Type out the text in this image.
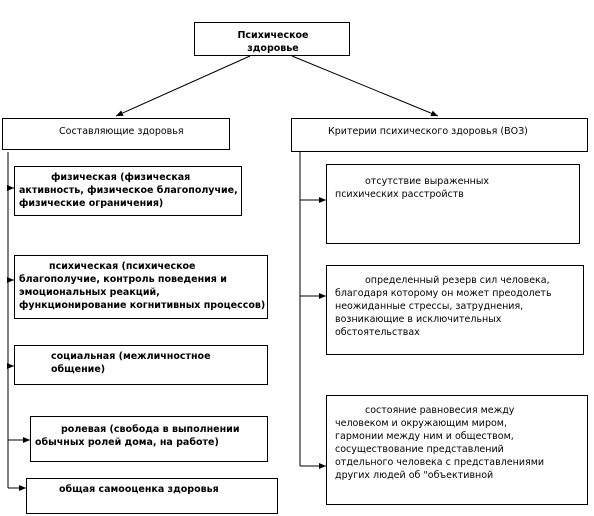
Психическое
здоровье
Составляющие здоровья	Критерии психического здоровья (ВОЗ)
физическая (физическая
активность, физическое благополучие,
физические ограничения)
психическая (психическое
благополучие, контроль поведения и
эмоциональных реакций,
функционирование когнитивных процессов)
социальная (межличностное общение)
ролевая (свобода в выполнении
обычных ролей дома, на работе)
общая самооценка здоровья
отсутствие выраженных
психических расстройств
определенный резерв сил человека,
благодаря которому он может преодолеть
неожиданные стрессы, затруднения,
возникающие в исключительных
обстоятельствах
состояние равновесия между
человеком и окружающим миром,
гармонии между ним и обществом,
сосуществование представлений
отдельного человека с представлениями
других людей об "объективной
